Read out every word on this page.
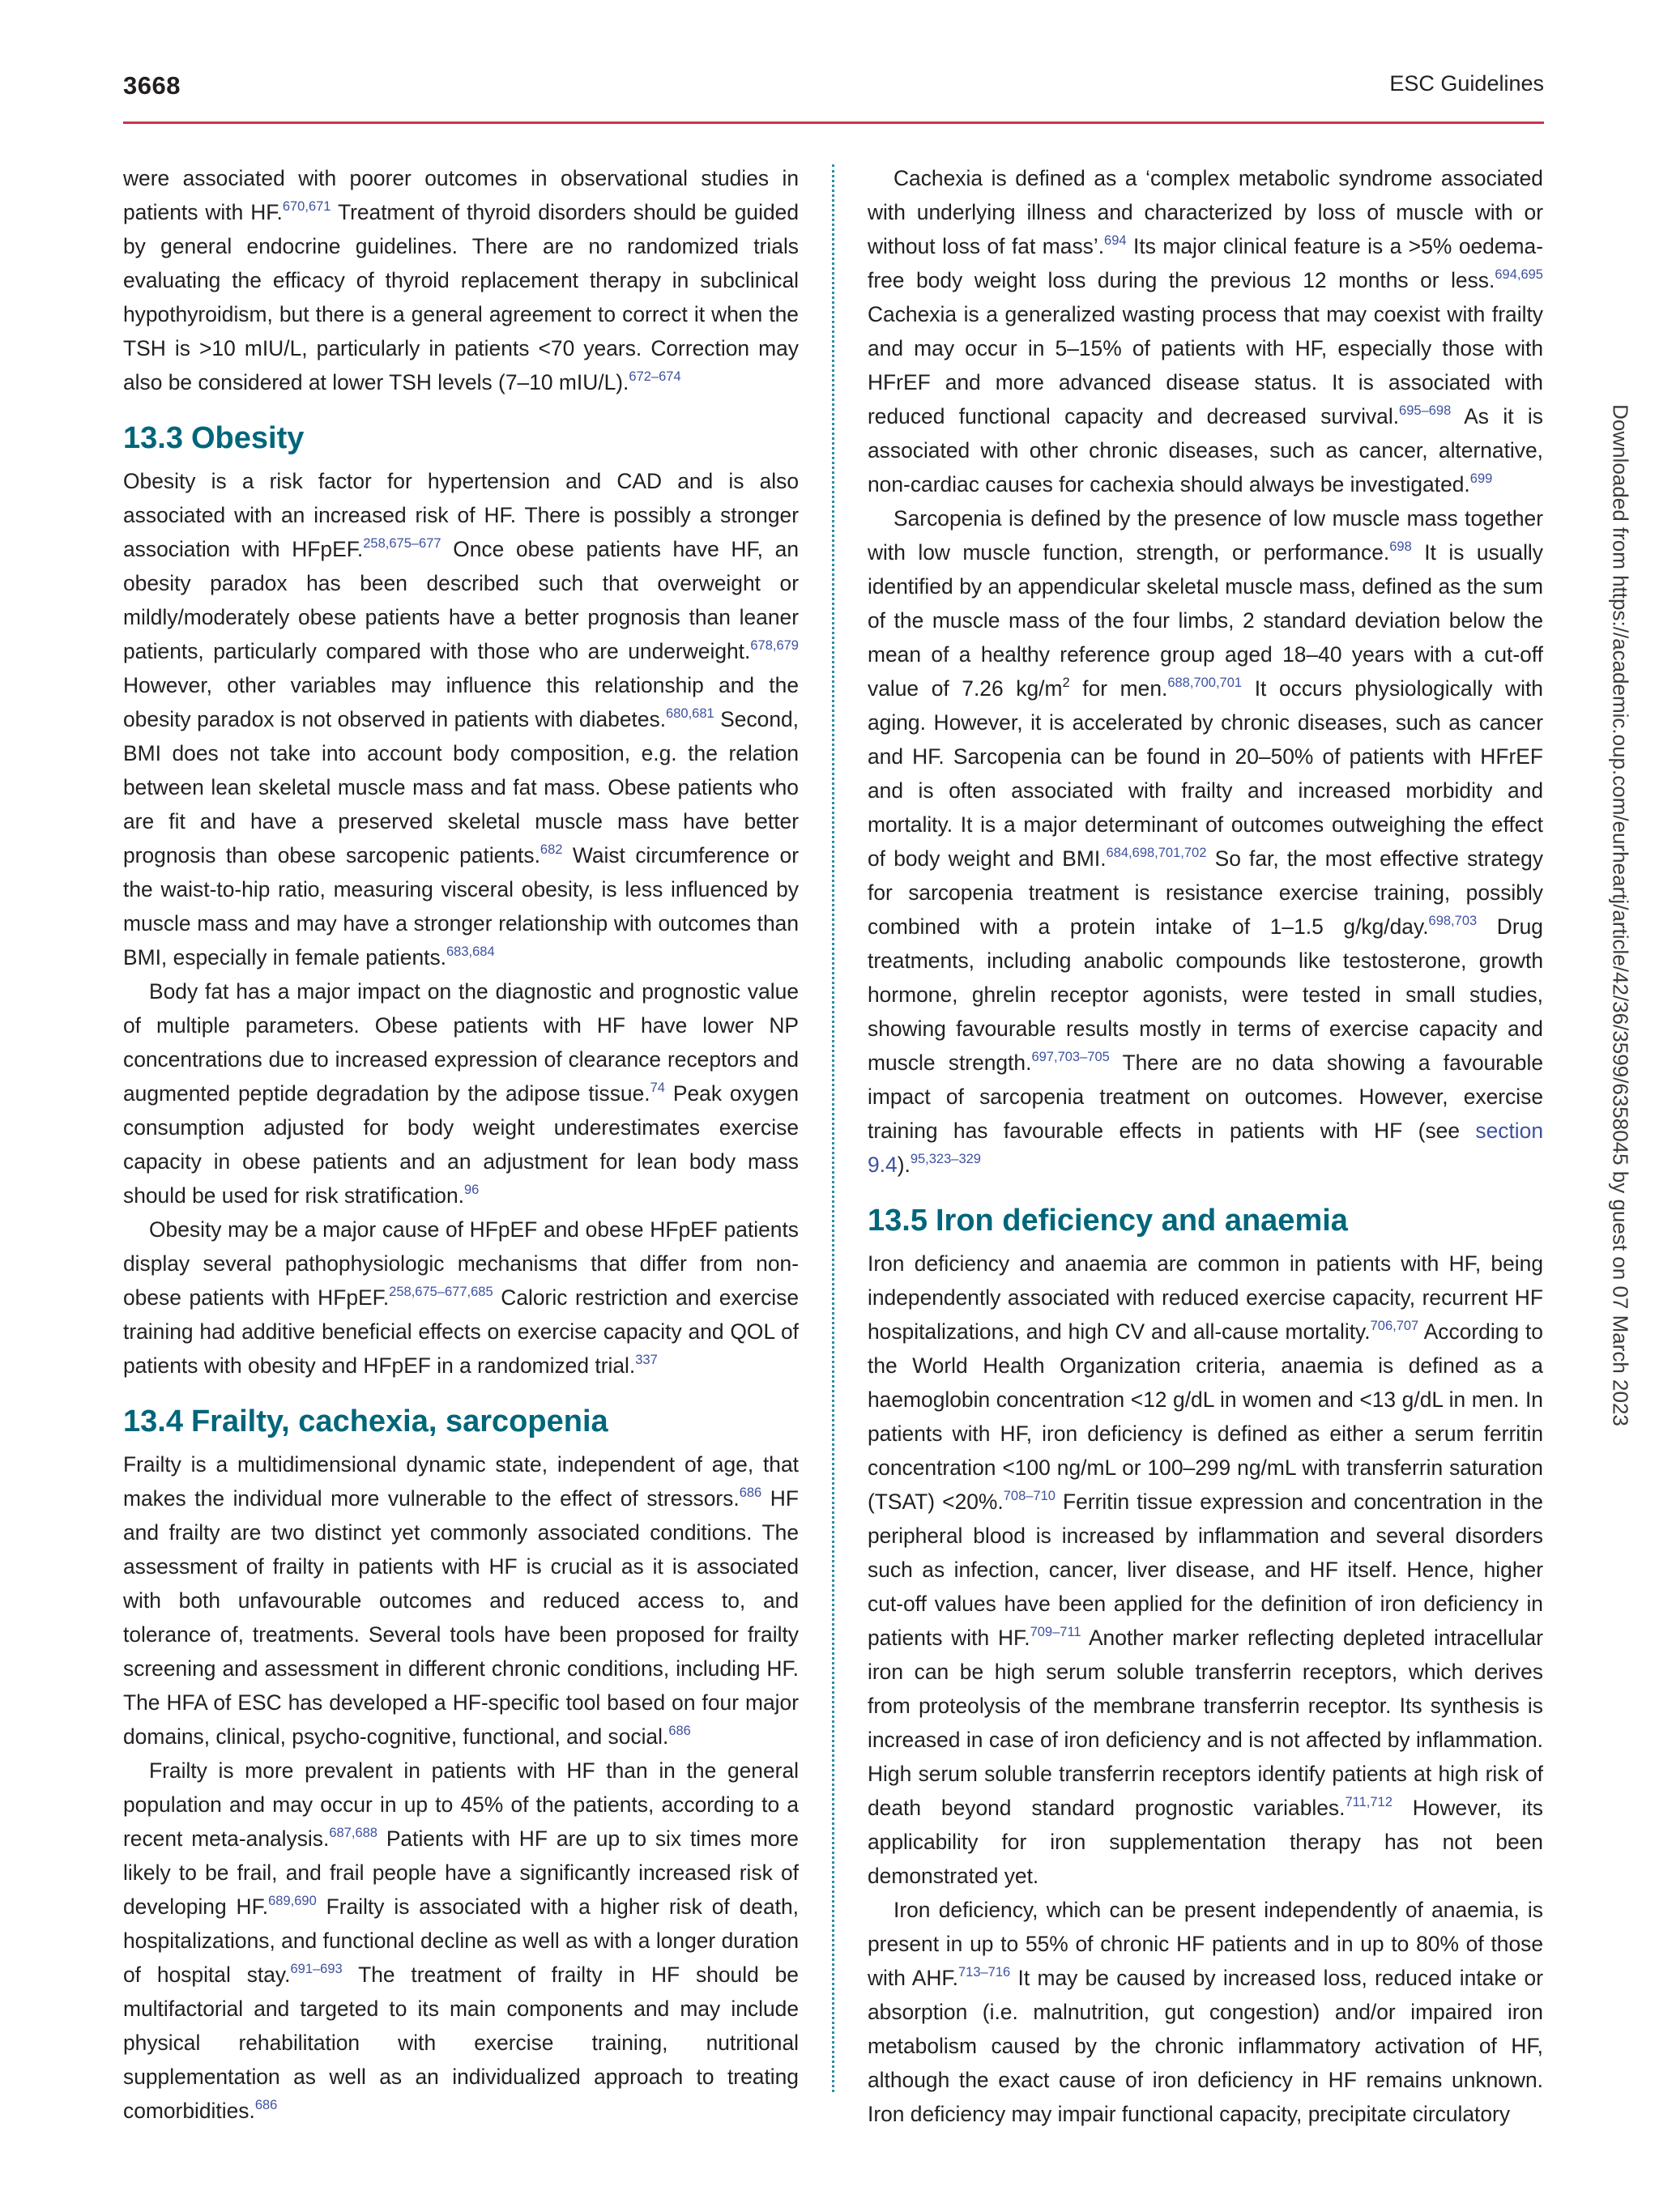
3668	ESC Guidelines

were associated with poorer outcomes in observational studies in patients with HF.$^{670,671}$ Treatment of thyroid disorders should be guided by general endocrine guidelines. There are no randomized trials evaluating the efficacy of thyroid replacement therapy in subclinical hypothyroidism, but there is a general agreement to correct it when the TSH is >10 mIU/L, particularly in patients <70 years. Correction may also be considered at lower TSH levels (7–10 mIU/L).$^{672-674}$

13.3 Obesity

Obesity is a risk factor for hypertension and CAD and is also associated with an increased risk of HF. There is possibly a stronger association with HFpEF.$^{258,675-677}$ Once obese patients have HF, an obesity paradox has been described such that overweight or mildly/moderately obese patients have a better prognosis than leaner patients, particularly compared with those who are underweight.$^{678,679}$ However, other variables may influence this relationship and the obesity paradox is not observed in patients with diabetes.$^{680,681}$ Second, BMI does not take into account body composition, e.g. the relation between lean skeletal muscle mass and fat mass. Obese patients who are fit and have a preserved skeletal muscle mass have better prognosis than obese sarcopenic patients.$^{682}$ Waist circumference or the waist-to-hip ratio, measuring visceral obesity, is less influenced by muscle mass and may have a stronger relationship with outcomes than BMI, especially in female patients.$^{683,684}$

Body fat has a major impact on the diagnostic and prognostic value of multiple parameters. Obese patients with HF have lower NP concentrations due to increased expression of clearance receptors and augmented peptide degradation by the adipose tissue.$^{74}$ Peak oxygen consumption adjusted for body weight underestimates exercise capacity in obese patients and an adjustment for lean body mass should be used for risk stratification.$^{96}$

Obesity may be a major cause of HFpEF and obese HFpEF patients display several pathophysiologic mechanisms that differ from non-obese patients with HFpEF.$^{258,675-677,685}$ Caloric restriction and exercise training had additive beneficial effects on exercise capacity and QOL of patients with obesity and HFpEF in a randomized trial.$^{337}$

13.4 Frailty, cachexia, sarcopenia

Frailty is a multidimensional dynamic state, independent of age, that makes the individual more vulnerable to the effect of stressors.$^{686}$ HF and frailty are two distinct yet commonly associated conditions. The assessment of frailty in patients with HF is crucial as it is associated with both unfavourable outcomes and reduced access to, and tolerance of, treatments. Several tools have been proposed for frailty screening and assessment in different chronic conditions, including HF. The HFA of ESC has developed a HF-specific tool based on four major domains, clinical, psycho-cognitive, functional, and social.$^{686}$

Frailty is more prevalent in patients with HF than in the general population and may occur in up to 45% of the patients, according to a recent meta-analysis.$^{687,688}$ Patients with HF are up to six times more likely to be frail, and frail people have a significantly increased risk of developing HF.$^{689,690}$ Frailty is associated with a higher risk of death, hospitalizations, and functional decline as well as with a longer duration of hospital stay.$^{691-693}$ The treatment of frailty in HF should be multifactorial and targeted to its main components and may include physical rehabilitation with exercise training, nutritional supplementation as well as an individualized approach to treating comorbidities.$^{686}$

Cachexia is defined as a ‘complex metabolic syndrome associated with underlying illness and characterized by loss of muscle with or without loss of fat mass’.$^{694}$ Its major clinical feature is a >5% oedema-free body weight loss during the previous 12 months or less.$^{694,695}$ Cachexia is a generalized wasting process that may coexist with frailty and may occur in 5–15% of patients with HF, especially those with HFrEF and more advanced disease status. It is associated with reduced functional capacity and decreased survival.$^{695-698}$ As it is associated with other chronic diseases, such as cancer, alternative, non-cardiac causes for cachexia should always be investigated.$^{699}$

Sarcopenia is defined by the presence of low muscle mass together with low muscle function, strength, or performance.$^{698}$ It is usually identified by an appendicular skeletal muscle mass, defined as the sum of the muscle mass of the four limbs, 2 standard deviation below the mean of a healthy reference group aged 18–40 years with a cut-off value of 7.26 $kg/m^2$ for men.$^{688,700,701}$ It occurs physiologically with aging. However, it is accelerated by chronic diseases, such as cancer and HF. Sarcopenia can be found in 20–50% of patients with HFrEF and is often associated with frailty and increased morbidity and mortality. It is a major determinant of outcomes outweighing the effect of body weight and BMI.$^{684,698,701,702}$ So far, the most effective strategy for sarcopenia treatment is resistance exercise training, possibly combined with a protein intake of 1–1.5 g/kg/day.$^{698,703}$ Drug treatments, including anabolic compounds like testosterone, growth hormone, ghrelin receptor agonists, were tested in small studies, showing favourable results mostly in terms of exercise capacity and muscle strength.$^{697,703-705}$ There are no data showing a favourable impact of sarcopenia treatment on outcomes. However, exercise training has favourable effects in patients with HF (see section 9.4).$^{95,323-329}$

13.5 Iron deficiency and anaemia

Iron deficiency and anaemia are common in patients with HF, being independently associated with reduced exercise capacity, recurrent HF hospitalizations, and high CV and all-cause mortality.$^{706,707}$ According to the World Health Organization criteria, anaemia is defined as a haemoglobin concentration <12 g/dL in women and <13 g/dL in men. In patients with HF, iron deficiency is defined as either a serum ferritin concentration <100 ng/mL or 100–299 ng/mL with transferrin saturation (TSAT) <20%.$^{708-710}$ Ferritin tissue expression and concentration in the peripheral blood is increased by inflammation and several disorders such as infection, cancer, liver disease, and HF itself. Hence, higher cut-off values have been applied for the definition of iron deficiency in patients with HF.$^{709-711}$ Another marker reflecting depleted intracellular iron can be high serum soluble transferrin receptors, which derives from proteolysis of the membrane transferrin receptor. Its synthesis is increased in case of iron deficiency and is not affected by inflammation. High serum soluble transferrin receptors identify patients at high risk of death beyond standard prognostic variables.$^{711,712}$ However, its applicability for iron supplementation therapy has not been demonstrated yet.

Iron deficiency, which can be present independently of anaemia, is present in up to 55% of chronic HF patients and in up to 80% of those with AHF.$^{713-716}$ It may be caused by increased loss, reduced intake or absorption (i.e. malnutrition, gut congestion) and/or impaired iron metabolism caused by the chronic inflammatory activation of HF, although the exact cause of iron deficiency in HF remains unknown. Iron deficiency may impair functional capacity, precipitate circulatory

Downloaded from https://academic.oup.com/eurheartj/article/42/36/3599/6358045 by guest on 07 March 2023
